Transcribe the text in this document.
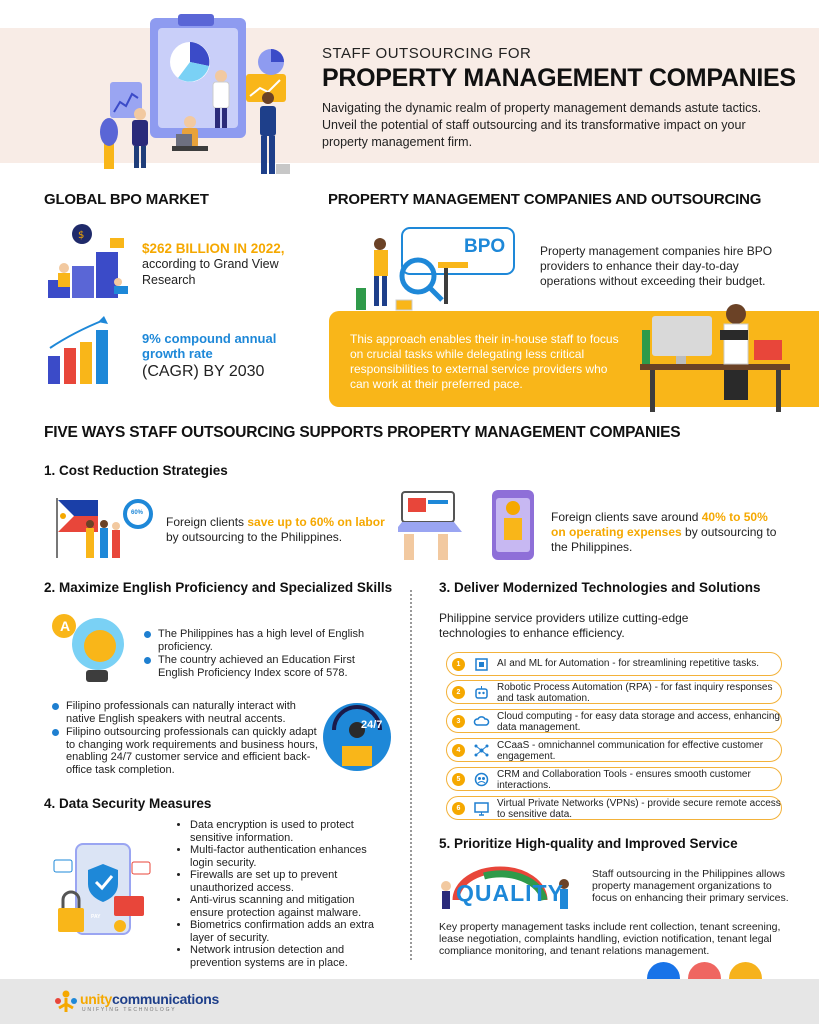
STAFF OUTSOURCING FOR
PROPERTY MANAGEMENT COMPANIES
Navigating the dynamic realm of property management demands astute tactics. Unveil the potential of staff outsourcing and its transformative impact on your property management firm.
GLOBAL BPO MARKET
$
$262 BILLION IN 2022,
according to Grand View Research
9% compound annual growth rate
(CAGR) BY 2030
PROPERTY MANAGEMENT COMPANIES AND OUTSOURCING
BPO	Property management companies hire BPO providers to enhance their day-to-day operations without exceeding their budget.
This approach enables their in-house staff to focus on crucial tasks while delegating less critical responsibilities to external service providers who can work at their preferred pace.
FIVE WAYS STAFF OUTSOURCING SUPPORTS PROPERTY MANAGEMENT COMPANIES
1. Cost Reduction Strategies
60%
Foreign clients save up to 60% on labor by outsourcing to the Philippines.
Foreign clients save around 40% to 50% on operating expenses by outsourcing to the Philippines.
2. Maximize English Proficiency and Specialized Skills
A	The Philippines has a high level of English proficiency.
The country achieved an Education First English Proficiency Index score of 578.
Filipino professionals can naturally interact with native English speakers with neutral accents.
Filipino outsourcing professionals can quickly adapt to changing work requirements and business hours, enabling 24/7 customer service and efficient back-office task completion.
24/7
3. Deliver Modernized Technologies and Solutions
Philippine service providers utilize cutting-edge technologies to enhance efficiency.
1	AI and ML for Automation - for streamlining repetitive tasks.
2	Robotic Process Automation (RPA) - for fast inquiry responses and task automation.
3	Cloud computing - for easy data storage and access, enhancing data management.
4	CCaaS - omnichannel communication for effective customer engagement.
5	CRM and Collaboration Tools - ensures smooth customer interactions.
6	Virtual Private Networks (VPNs) - provide secure remote access to sensitive data.
4. Data Security Measures
PAY
• Data encryption is used to protect sensitive information.
• Multi-factor authentication enhances login security.
• Firewalls are set up to prevent unauthorized access.
• Anti-virus scanning and mitigation ensure protection against malware.
• Biometrics confirmation adds an extra layer of security.
• Network intrusion detection and prevention systems are in place.
5. Prioritize High-quality and Improved Service
QUALITY
Staff outsourcing in the Philippines allows property management organizations to focus on enhancing their primary services.
Key property management tasks include rent collection, tenant screening, lease negotiation, complaints handling, eviction notification, tenant legal compliance monitoring, and tenant relations management.
unitycommunications
UNIFYING TECHNOLOGY
